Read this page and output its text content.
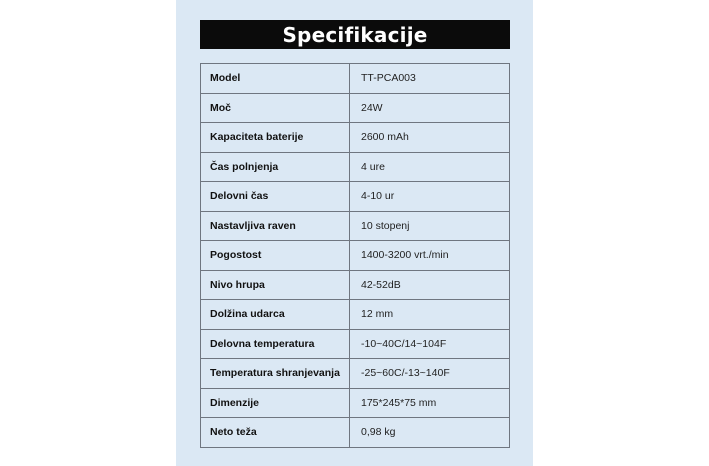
Specifikacije
Model	TT-PCA003
Moč	24W
Kapaciteta baterije	2600 mAh
Čas polnjenja	4 ure
Delovni čas	4-10 ur
Nastavljiva raven	10 stopenj
Pogostost	1400-3200 vrt./min
Nivo hrupa	42-52dB
Dolžina udarca	12 mm
Delovna temperatura	-10~40C/14~104F
Temperatura shranjevanja	-25~60C/-13~140F
Dimenzije	175*245*75 mm
Neto teža	0,98 kg
